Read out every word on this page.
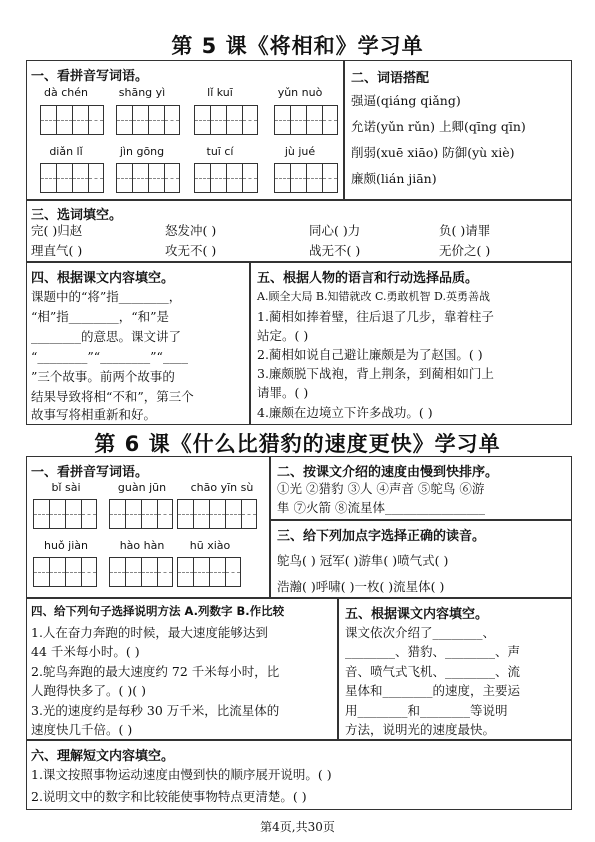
第 5 课《将相和》学习单
一、看拼音写词语。
dà chén	shāng yì	lǐ kuī	yǔn nuò
diǎn lǐ	jìn gōng	tuī cí	jù jué
二、词语搭配
强逼(qiáng qiǎng)
允诺(yǔn rǔn) 上卿(qīng qīn)
削弱(xuē xiāo) 防御(yù xiè)
廉颇(lián jiān)
三、选词填空。
完( )归赵	怒发冲( )	同心( )力	负( )请罪
理直气( )	攻无不( )	战无不( )	无价之( )
四、根据课文内容填空。
课题中的“将”指________，
“相”指________，“和”是
________的意思。课文讲了
“________”“________”“____
”三个故事。前两个故事的
结果导致将相“不和”，第三个
故事写将相重新和好。
五、根据人物的语言和行动选择品质。
A.顾全大局 B.知错就改 C.勇敢机智 D.英勇善战
1.蔺相如捧着璧，往后退了几步，靠着柱子
站定。( )
2.蔺相如说自己避让廉颇是为了赵国。( )
3.廉颇脱下战袍，背上荆条，到蔺相如门上
请罪。( )
4.廉颇在边境立下许多战功。( )
第 6 课《什么比猎豹的速度更快》学习单
一、看拼音写词语。
bǐ sài	guàn jūn	chāo yīn sù
huǒ jiàn	hào hàn	hū xiào
二、按课文介绍的速度由慢到快排序。
①光 ②猎豹 ③人 ④声音 ⑤鸵鸟 ⑥游
隼 ⑦火箭 ⑧流星体________________
三、给下列加点字选择正确的读音。
鸵鸟( ) 冠军( )游隼( )喷气式( )
浩瀚( )呼啸( )一枚( )流星体( )
四、给下列句子选择说明方法 A.列数字 B.作比较
1.人在奋力奔跑的时候，最大速度能够达到
44 千米每小时。( )
2.鸵鸟奔跑的最大速度约 72 千米每小时，比
人跑得快多了。( )( )
3.光的速度约是每秒 30 万千米，比流星体的
速度快几千倍。( )
五、根据课文内容填空。
课文依次介绍了________、
________、猎豹、________、声
音、喷气式飞机、________、流
星体和________的速度，主要运
用________和________等说明
方法，说明光的速度最快。
六、理解短文内容填空。
1.课文按照事物运动速度由慢到快的顺序展开说明。( )
2.说明文中的数字和比较能使事物特点更清楚。( )
第4页,共30页
